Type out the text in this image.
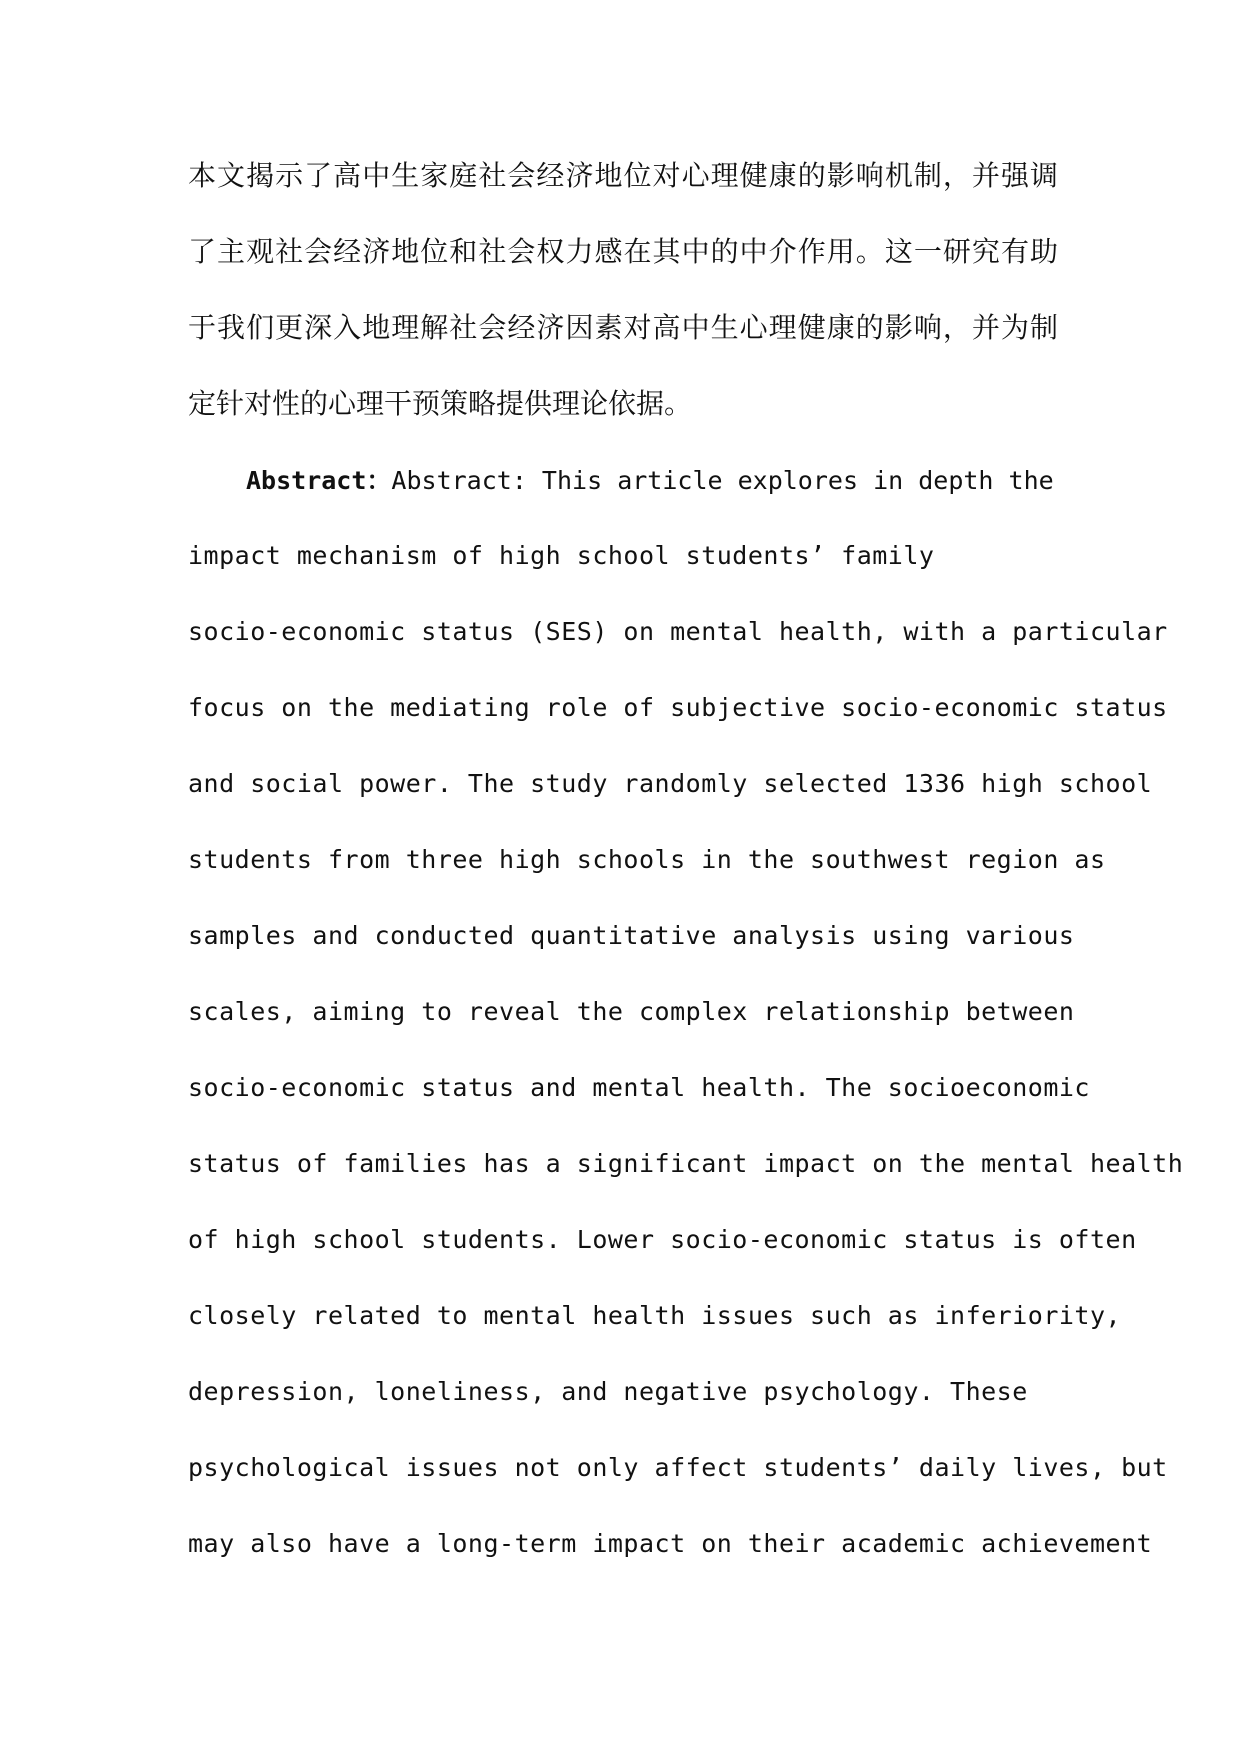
本文揭示了高中生家庭社会经济地位对心理健康的影响机制，并强调
了主观社会经济地位和社会权力感在其中的中介作用。这一研究有助
于我们更深入地理解社会经济因素对高中生心理健康的影响，并为制
定针对性的心理干预策略提供理论依据。
Abstract：Abstract: This article explores in depth the
impact mechanism of high school students’ family
socio-economic status (SES) on mental health, with a particular
focus on the mediating role of subjective socio-economic status
and social power. The study randomly selected 1336 high school
students from three high schools in the southwest region as
samples and conducted quantitative analysis using various
scales, aiming to reveal the complex relationship between
socio-economic status and mental health. The socioeconomic
status of families has a significant impact on the mental health
of high school students. Lower socio-economic status is often
closely related to mental health issues such as inferiority,
depression, loneliness, and negative psychology. These
psychological issues not only affect students’ daily lives, but
may also have a long-term impact on their academic achievement
